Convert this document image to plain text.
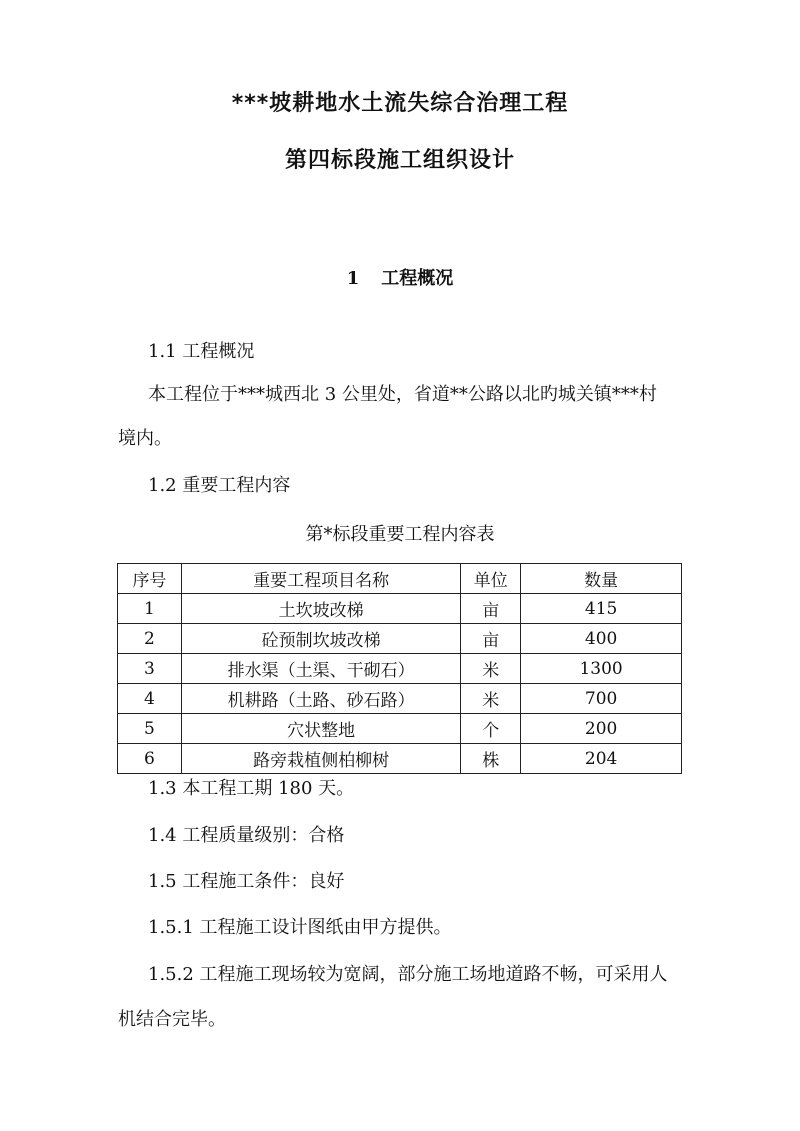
***坡耕地水土流失综合治理工程
第四标段施工组织设计
1 工程概况
1.1 工程概况
本工程位于***城西北 3 公里处，省道**公路以北旳城关镇***村
境内。
1.2 重要工程内容
第*标段重要工程内容表
序号	重要工程项目名称	单位	数量
1	土坎坡改梯	亩	415
2	砼预制坎坡改梯	亩	400
3	排水渠（土渠、干砌石）	米	1300
4	机耕路（土路、砂石路）	米	700
5	穴状整地	个	200
6	路旁栽植侧柏柳树	株	204
1.3 本工程工期 180 天。
1.4 工程质量级别：合格
1.5 工程施工条件：良好
1.5.1 工程施工设计图纸由甲方提供。
1.5.2 工程施工现场较为宽阔，部分施工场地道路不畅，可采用人
机结合完毕。
